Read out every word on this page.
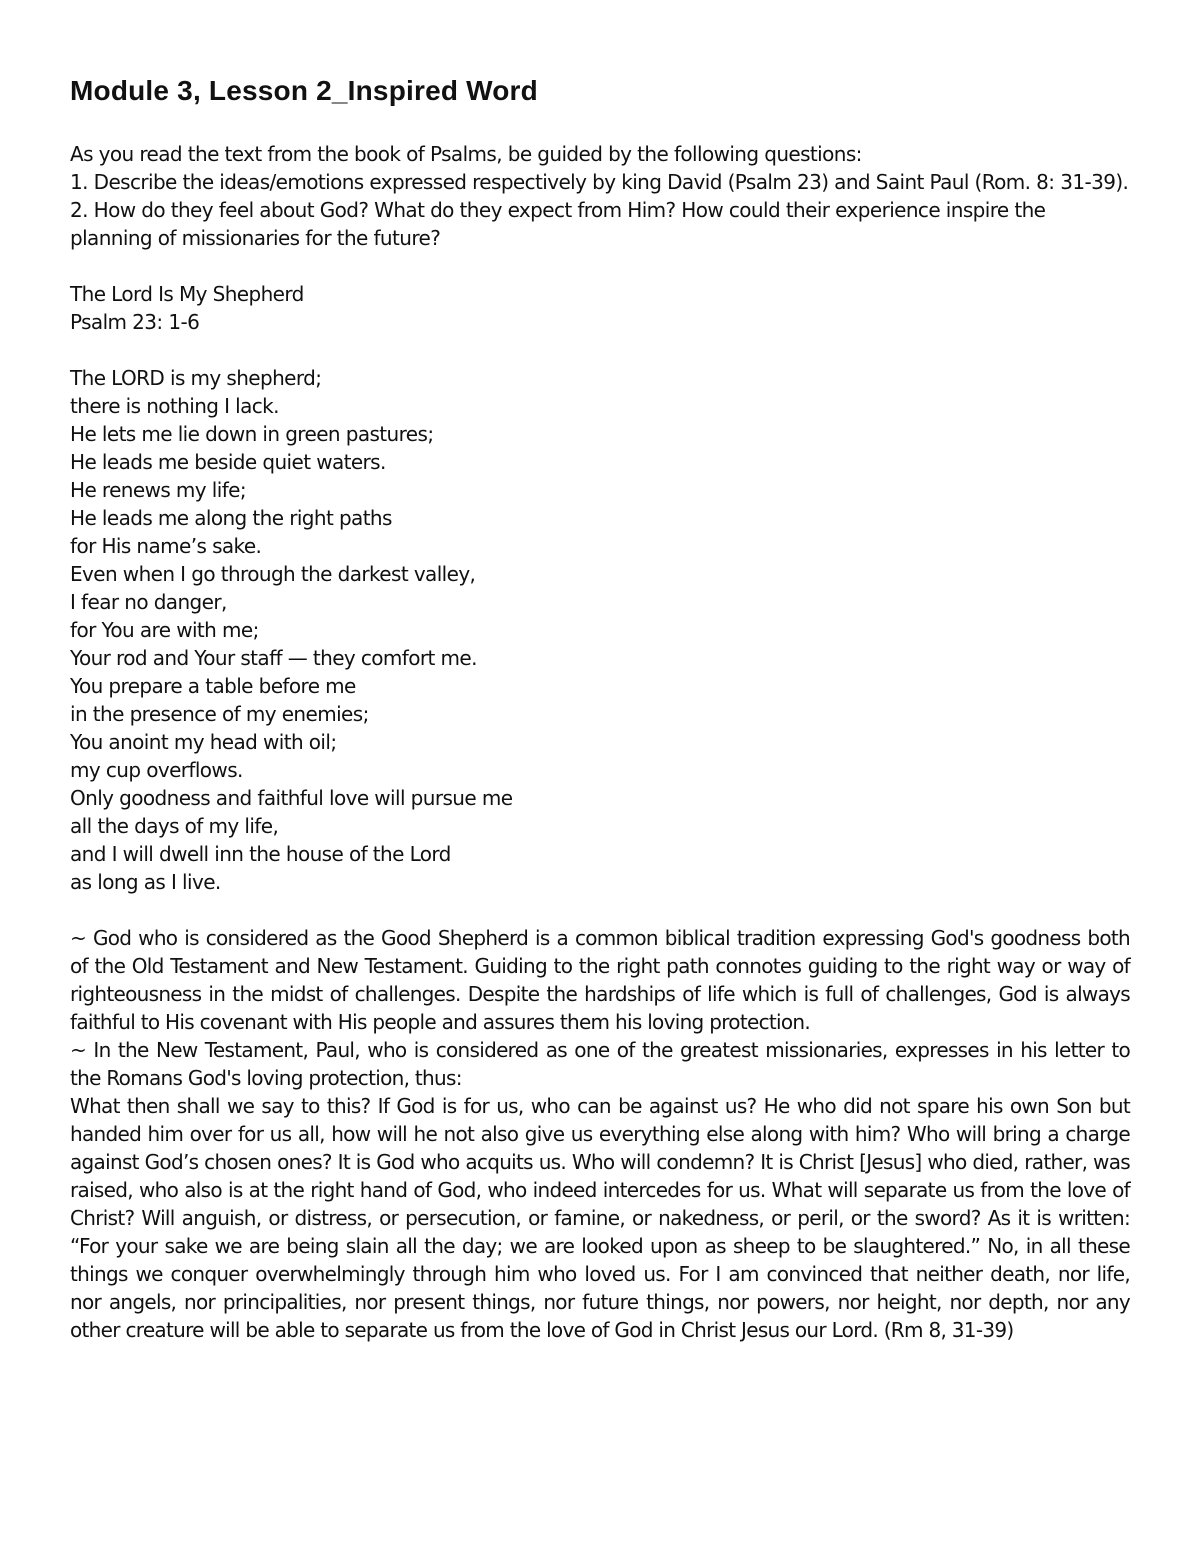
Module 3, Lesson 2_Inspired Word

As you read the text from the book of Psalms, be guided by the following questions:

1. Describe the ideas/emotions expressed respectively by king David (Psalm 23) and Saint Paul (Rom. 8: 31-39).

2. How do they feel about God? What do they expect from Him? How could their experience inspire the planning of missionaries for the future?

The Lord Is My Shepherd
Psalm 23: 1-6
The LORD is my shepherd;
there is nothing I lack.
He lets me lie down in green pastures;
He leads me beside quiet waters.
He renews my life;
He leads me along the right paths
for His name’s sake.
Even when I go through the darkest valley,
I fear no danger,
for You are with me;
Your rod and Your staff — they comfort me.
You prepare a table before me
in the presence of my enemies;
You anoint my head with oil;
my cup overflows.
Only goodness and faithful love will pursue me
all the days of my life,
and I will dwell inn the house of the Lord
as long as I live.

~ God who is considered as the Good Shepherd is a common biblical tradition expressing God's goodness both of the Old Testament and New Testament. Guiding to the right path connotes guiding to the right way or way of righteousness in the midst of challenges. Despite the hardships of life which is full of challenges, God is always faithful to His covenant with His people and assures them his loving protection.

~ In the New Testament, Paul, who is considered as one of the greatest missionaries, expresses in his letter to the Romans God's loving protection, thus:

What then shall we say to this? If God is for us, who can be against us? He who did not spare his own Son but handed him over for us all, how will he not also give us everything else along with him? Who will bring a charge against God’s chosen ones? It is God who acquits us. Who will condemn? It is Christ [Jesus] who died, rather, was raised, who also is at the right hand of God, who indeed intercedes for us. What will separate us from the love of Christ? Will anguish, or distress, or persecution, or famine, or nakedness, or peril, or the sword? As it is written: “For your sake we are being slain all the day; we are looked upon as sheep to be slaughtered.” No, in all these things we conquer overwhelmingly through him who loved us. For I am convinced that neither death, nor life, nor angels, nor principalities, nor present things, nor future things, nor powers, nor height, nor depth, nor any other creature will be able to separate us from the love of God in Christ Jesus our Lord. (Rm 8, 31-39)
